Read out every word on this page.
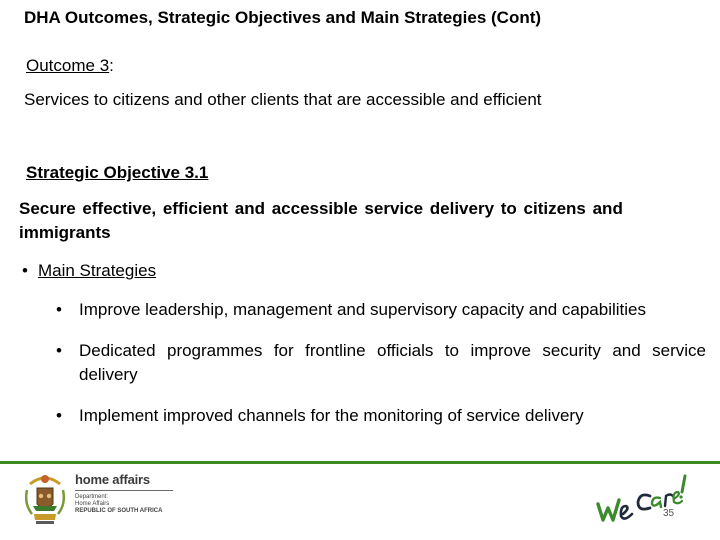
DHA Outcomes, Strategic Objectives and Main Strategies (Cont)
Outcome 3:
Services to citizens and other clients that are accessible and efficient
Strategic Objective 3.1
Secure effective, efficient and accessible service delivery to citizens and immigrants
• Main Strategies
•	Improve leadership, management and supervisory capacity and capabilities
•	Dedicated programmes for frontline officials to improve security and service delivery
•	Implement improved channels for the monitoring of service delivery
home affairs
Department:
Home Affairs
REPUBLIC OF SOUTH AFRICA	35
